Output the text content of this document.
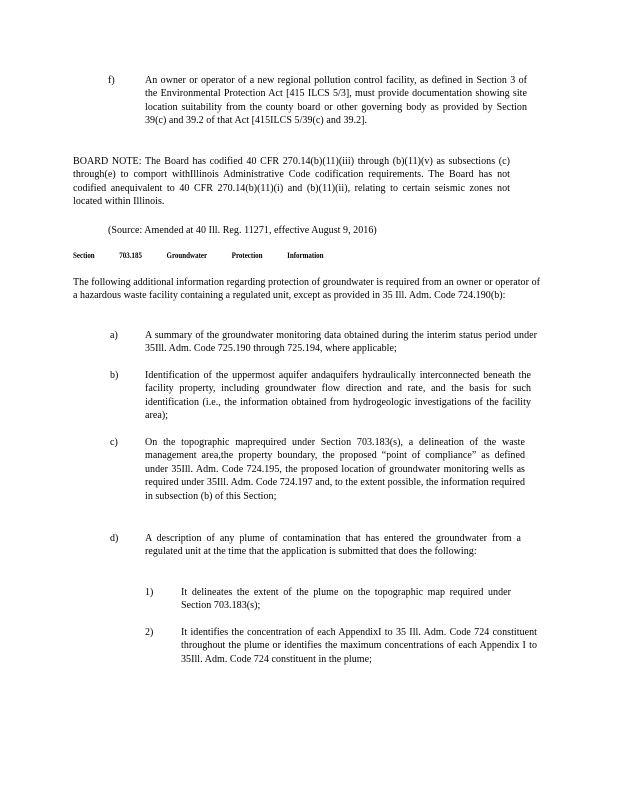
f)	An owner or operator of a new regional pollution control facility, as defined in Section 3 of the Environmental Protection Act [415 ILCS 5/3], must provide documentation showing site location suitability from the county board or other governing body as provided by Section 39(c) and 39.2 of that Act [415ILCS 5/39(c) and 39.2].
BOARD NOTE: The Board has codified 40 CFR 270.14(b)(11)(iii) through (b)(11)(v) as subsections (c) through(e) to comport withIllinois Administrative Code codification requirements. The Board has not codified anequivalent to 40 CFR 270.14(b)(11)(i) and (b)(11)(ii), relating to certain seismic zones not located within Illinois.
(Source: Amended at 40 Ill. Reg. 11271, effective August 9, 2016)
Section	703.185	Groundwater	Protection	Information
The following additional information regarding protection of groundwater is required from an owner or operator of a hazardous waste facility containing a regulated unit, except as provided in 35 Ill. Adm. Code 724.190(b):
a)	A summary of the groundwater monitoring data obtained during the interim status period under 35Ill. Adm. Code 725.190 through 725.194, where applicable;
b)	Identification of the uppermost aquifer andaquifers hydraulically interconnected beneath the facility property, including groundwater flow direction and rate, and the basis for such identification (i.e., the information obtained from hydrogeologic investigations of the facility area);
c)	On the topographic maprequired under Section 703.183(s), a delineation of the waste management area,the property boundary, the proposed “point of compliance” as defined under 35Ill. Adm. Code 724.195, the proposed location of groundwater monitoring wells as required under 35Ill. Adm. Code 724.197 and, to the extent possible, the information required in subsection (b) of this Section;
d)	A description of any plume of contamination that has entered the groundwater from a regulated unit at the time that the application is submitted that does the following:
1)	It delineates the extent of the plume on the topographic map required under Section 703.183(s);
2)	It identifies the concentration of each AppendixI to 35 Ill. Adm. Code 724 constituent throughout the plume or identifies the maximum concentrations of each Appendix I to 35Ill. Adm. Code 724 constituent in the plume;
